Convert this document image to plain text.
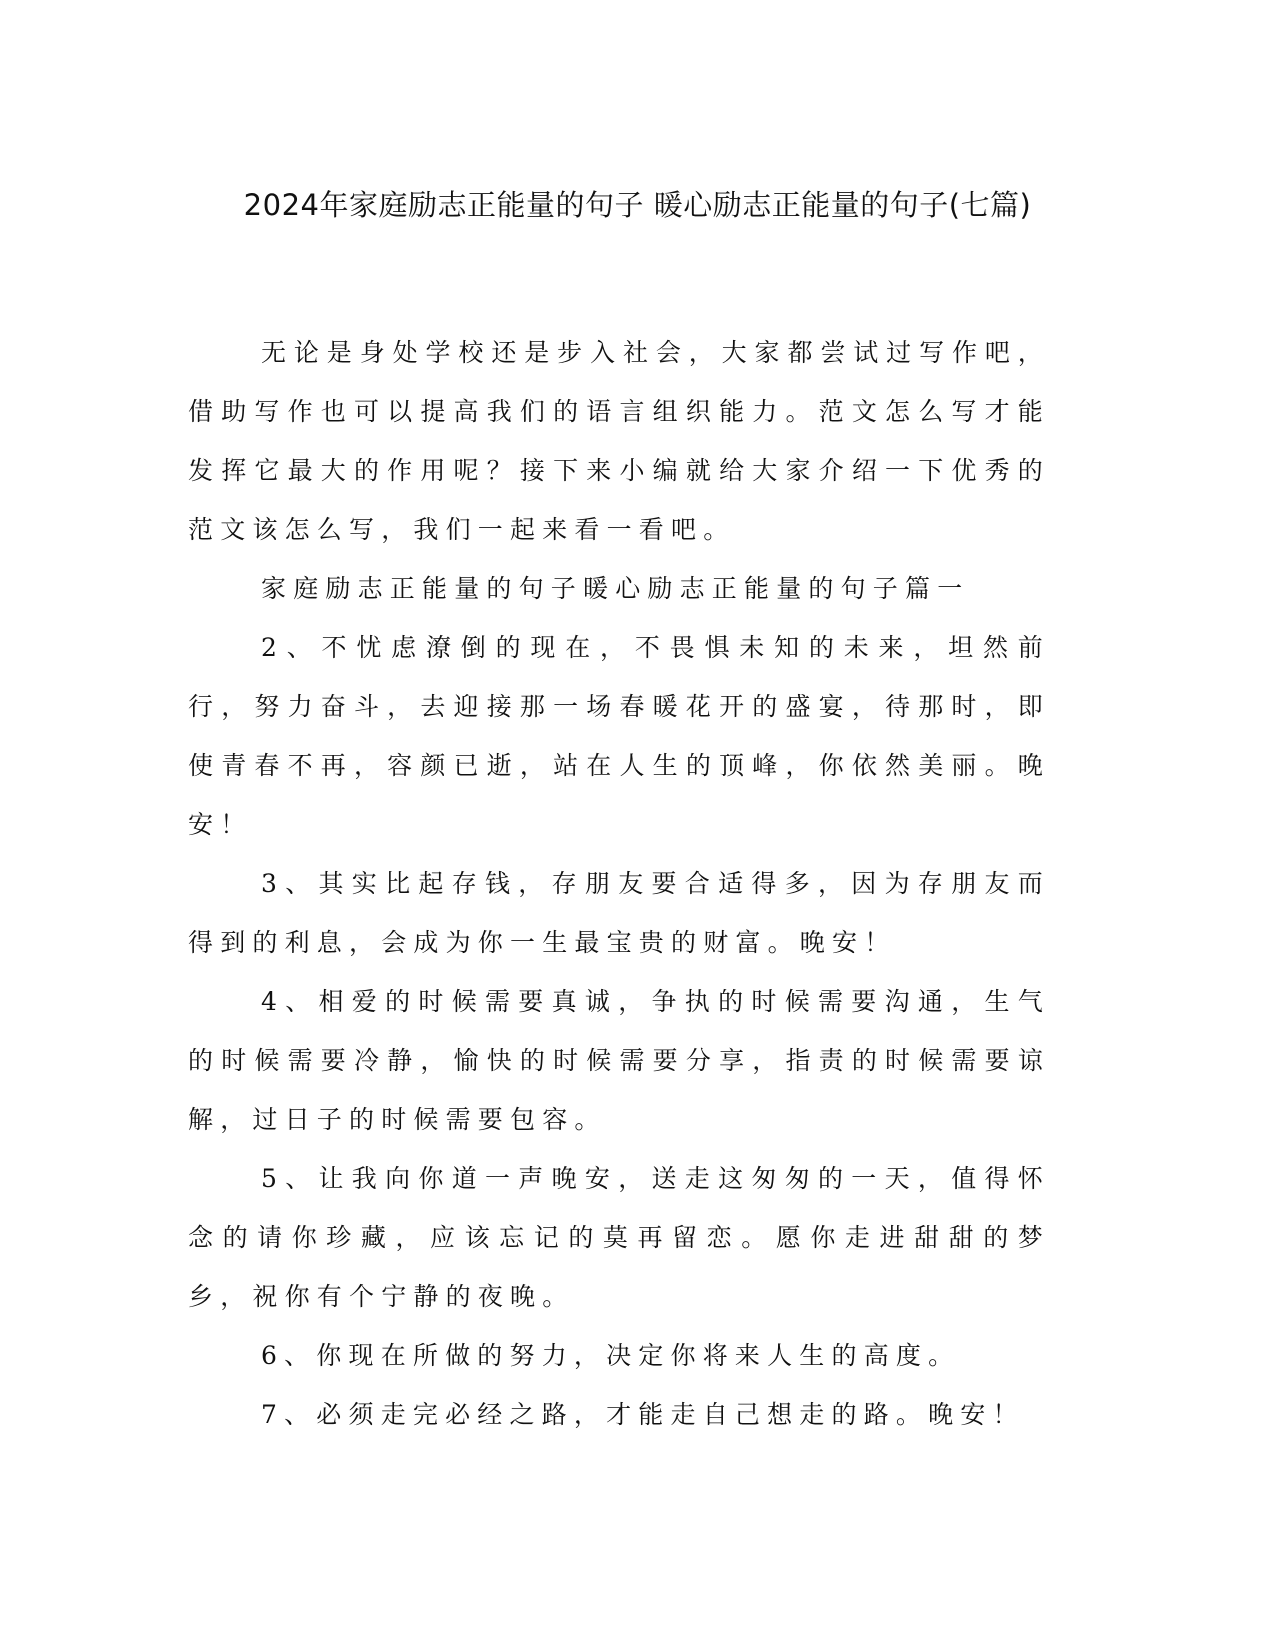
2024年家庭励志正能量的句子 暖心励志正能量的句子(七篇)

无论是身处学校还是步入社会，大家都尝试过写作吧，借助写作也可以提高我们的语言组织能力。范文怎么写才能发挥它最大的作用呢？接下来小编就给大家介绍一下优秀的范文该怎么写，我们一起来看一看吧。

家庭励志正能量的句子暖心励志正能量的句子篇一

2、不忧虑潦倒的现在，不畏惧未知的未来，坦然前行，努力奋斗，去迎接那一场春暖花开的盛宴，待那时，即使青春不再，容颜已逝，站在人生的顶峰，你依然美丽。晚安！

3、其实比起存钱，存朋友要合适得多，因为存朋友而得到的利息，会成为你一生最宝贵的财富。晚安！

4、相爱的时候需要真诚，争执的时候需要沟通，生气的时候需要冷静，愉快的时候需要分享，指责的时候需要谅解，过日子的时候需要包容。

5、让我向你道一声晚安，送走这匆匆的一天，值得怀念的请你珍藏，应该忘记的莫再留恋。愿你走进甜甜的梦乡，祝你有个宁静的夜晚。

6、你现在所做的努力，决定你将来人生的高度。

7、必须走完必经之路，才能走自己想走的路。晚安！
